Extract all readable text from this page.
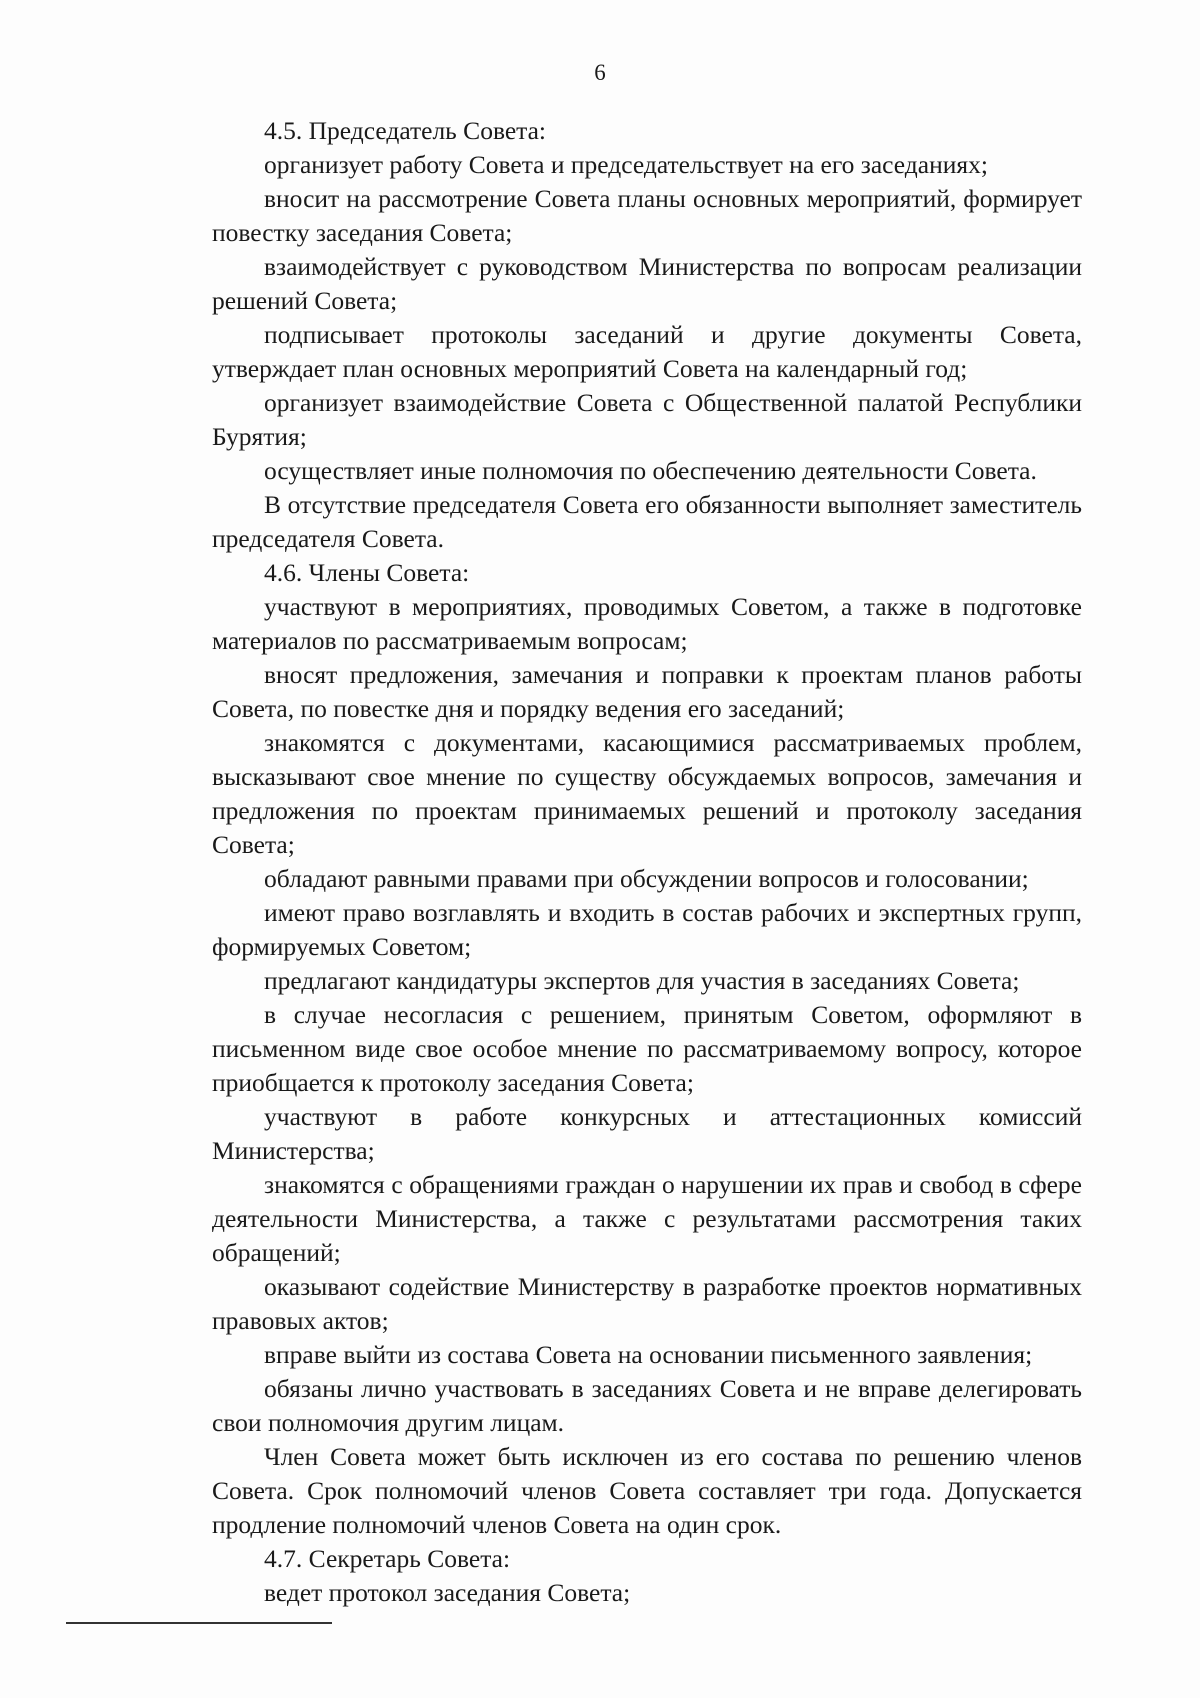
6

4.5. Председатель Совета:

организует работу Совета и председательствует на его заседаниях;

вносит на рассмотрение Совета планы основных мероприятий, формирует повестку заседания Совета;

взаимодействует с руководством Министерства по вопросам реализации решений Совета;

подписывает протоколы заседаний и другие документы Совета, утверждает план основных мероприятий Совета на календарный год;

организует взаимодействие Совета с Общественной палатой Республики Бурятия;

осуществляет иные полномочия по обеспечению деятельности Совета.

В отсутствие председателя Совета его обязанности выполняет заместитель председателя Совета.

4.6. Члены Совета:

участвуют в мероприятиях, проводимых Советом, а также в подготовке материалов по рассматриваемым вопросам;

вносят предложения, замечания и поправки к проектам планов работы Совета, по повестке дня и порядку ведения его заседаний;

знакомятся с документами, касающимися рассматриваемых проблем, высказывают свое мнение по существу обсуждаемых вопросов, замечания и предложения по проектам принимаемых решений и протоколу заседания Совета;

обладают равными правами при обсуждении вопросов и голосовании;

имеют право возглавлять и входить в состав рабочих и экспертных групп, формируемых Советом;

предлагают кандидатуры экспертов для участия в заседаниях Совета;

в случае несогласия с решением, принятым Советом, оформляют в письменном виде свое особое мнение по рассматриваемому вопросу, которое приобщается к протоколу заседания Совета;

участвуют в работе конкурсных и аттестационных комиссий Министерства;

знакомятся с обращениями граждан о нарушении их прав и свобод в сфере деятельности Министерства, а также с результатами рассмотрения таких обращений;

оказывают содействие Министерству в разработке проектов нормативных правовых актов;

вправе выйти из состава Совета на основании письменного заявления;

обязаны лично участвовать в заседаниях Совета и не вправе делегировать свои полномочия другим лицам.

Член Совета может быть исключен из его состава по решению членов Совета. Срок полномочий членов Совета составляет три года. Допускается продление полномочий членов Совета на один срок.

4.7. Секретарь Совета:

ведет протокол заседания Совета;
